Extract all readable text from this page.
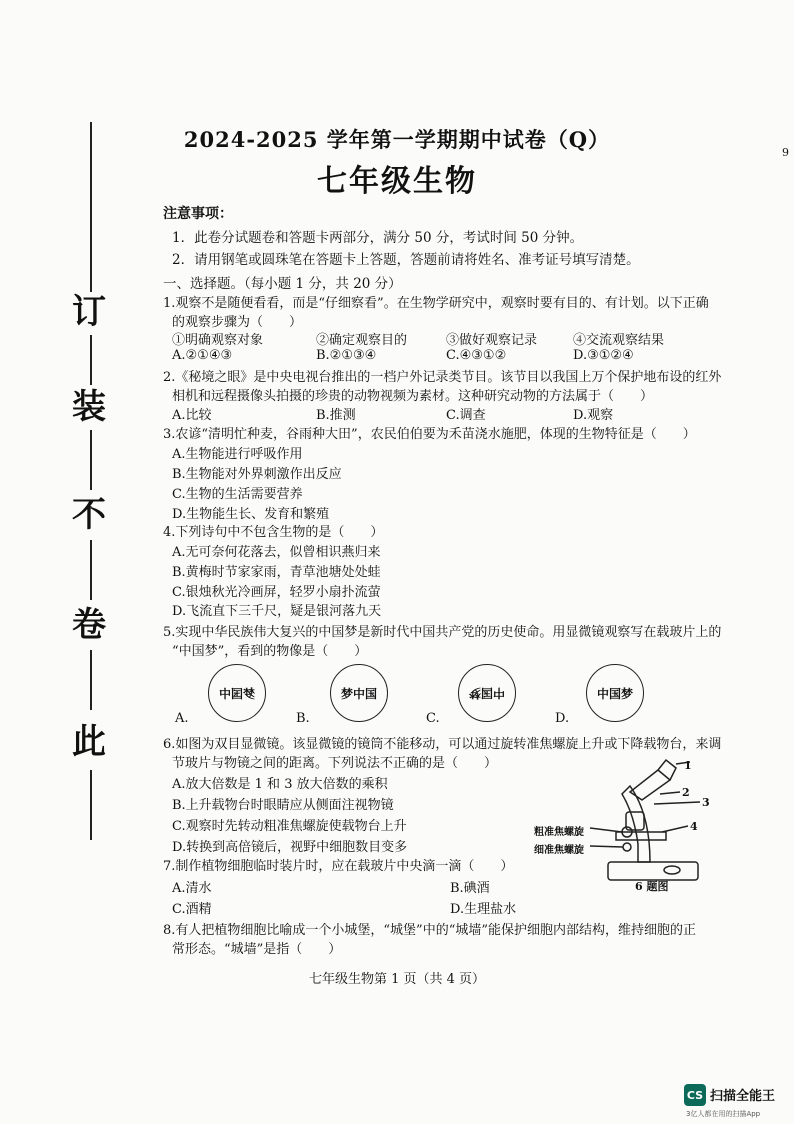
订
装
不
卷
此
9
2024-2025 学年第一学期期中试卷（Q）
七年级生物
注意事项：
1．此卷分试题卷和答题卡两部分，满分 50 分，考试时间 50 分钟。
2．请用钢笔或圆珠笔在答题卡上答题，答题前请将姓名、准考证号填写清楚。
一、选择题。（每小题 1 分，共 20 分）
1.观察不是随便看看，而是“仔细察看”。在生物学研究中，观察时要有目的、有计划。以下正确
的观察步骤为（　　）
①明确观察对象	②确定观察目的	③做好观察记录	④交流观察结果
A.②①④③	B.②①③④	C.④③①②	D.③①②④
2.《秘境之眼》是中央电视台推出的一档户外记录类节目。该节目以我国上万个保护地布设的红外
相机和远程摄像头拍摄的珍贵的动物视频为素材。这种研究动物的方法属于（　　）
A.比较	B.推测	C.调查	D.观察
3.农谚“清明忙种麦，谷雨种大田”，农民伯伯要为禾苗浇水施肥，体现的生物特征是（　　）
A.生物能进行呼吸作用
B.生物能对外界刺激作出反应
C.生物的生活需要营养
D.生物能生长、发育和繁殖
4.下列诗句中不包含生物的是（　　）
A.无可奈何花落去，似曾相识燕归来
B.黄梅时节家家雨，青草池塘处处蛙
C.银烛秋光冷画屏，轻罗小扇扑流萤
D.飞流直下三千尺，疑是银河落九天
5.实现中华民族伟大复兴的中国梦是新时代中国共产党的历史使命。用显微镜观察写在载玻片上的
“中国梦”，看到的物像是（　　）
梦国中	梦中国	中国梦	中国梦
A.	B.	C.	D.
6.如图为双目显微镜。该显微镜的镜筒不能移动，可以通过旋转准焦螺旋上升或下降载物台，来调
节玻片与物镜之间的距离。下列说法不正确的是（　　）
A.放大倍数是 1 和 3 放大倍数的乘积
B.上升载物台时眼睛应从侧面注视物镜
C.观察时先转动粗准焦螺旋使载物台上升
D.转换到高倍镜后，视野中细胞数目变多
1
2
3
4
粗准焦螺旋
细准焦螺旋
6 题图
7.制作植物细胞临时装片时，应在载玻片中央滴一滴（　　）
A.清水	B.碘酒
C.酒精	D.生理盐水
8.有人把植物细胞比喻成一个小城堡，“城堡”中的“城墙”能保护细胞内部结构，维持细胞的正
常形态。“城墙”是指（　　）
七年级生物第 1 页（共 4 页）
CS 扫描全能王
3亿人都在用的扫描App
